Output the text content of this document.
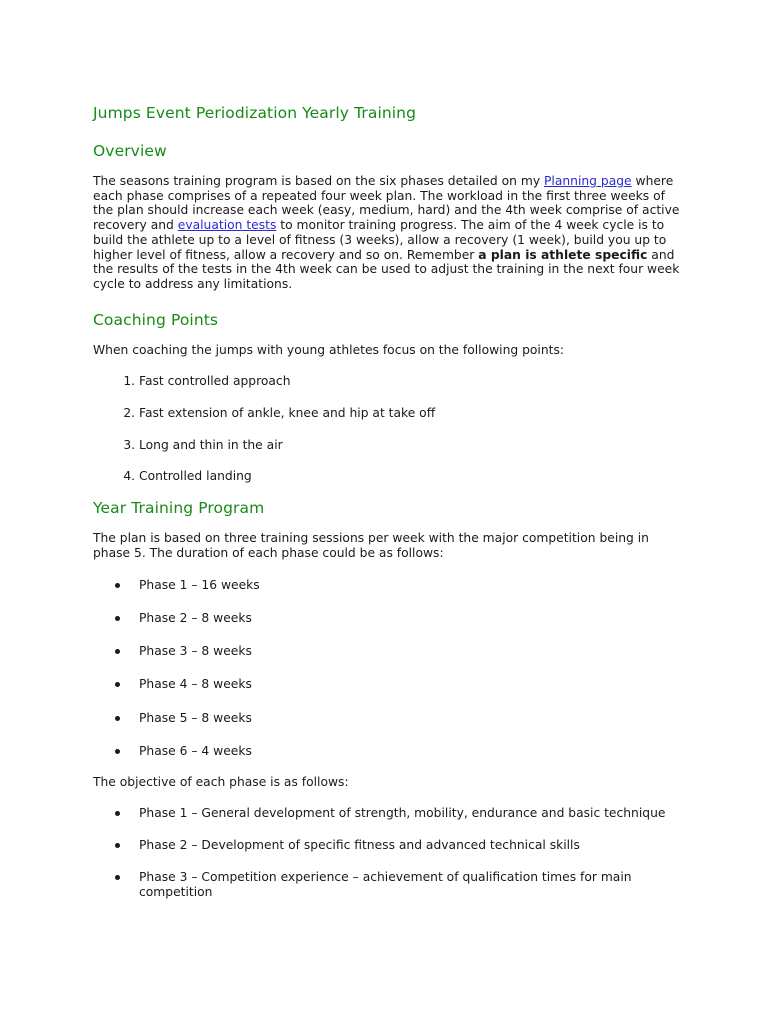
Jumps Event Periodization Yearly Training
Overview

The seasons training program is based on the six phases detailed on my Planning page where each phase comprises of a repeated four week plan. The workload in the first three weeks of the plan should increase each week (easy, medium, hard) and the 4th week comprise of active recovery and evaluation tests to monitor training progress. The aim of the 4 week cycle is to build the athlete up to a level of fitness (3 weeks), allow a recovery (1 week), build you up to higher level of fitness, allow a recovery and so on. Remember a plan is athlete specific and the results of the tests in the 4th week can be used to adjust the training in the next four week cycle to address any limitations.

Coaching Points

When coaching the jumps with young athletes focus on the following points:

1. Fast controlled approach
2. Fast extension of ankle, knee and hip at take off
3. Long and thin in the air
4. Controlled landing
Year Training Program

The plan is based on three training sessions per week with the major competition being in phase 5. The duration of each phase could be as follows:

Phase 1 – 16 weeks
Phase 2 – 8 weeks
Phase 3 – 8 weeks
Phase 4 – 8 weeks
Phase 5 – 8 weeks
Phase 6 – 4 weeks

The objective of each phase is as follows:

Phase 1 – General development of strength, mobility, endurance and basic technique
Phase 2 – Development of specific fitness and advanced technical skills
Phase 3 – Competition experience – achievement of qualification times for main competition
